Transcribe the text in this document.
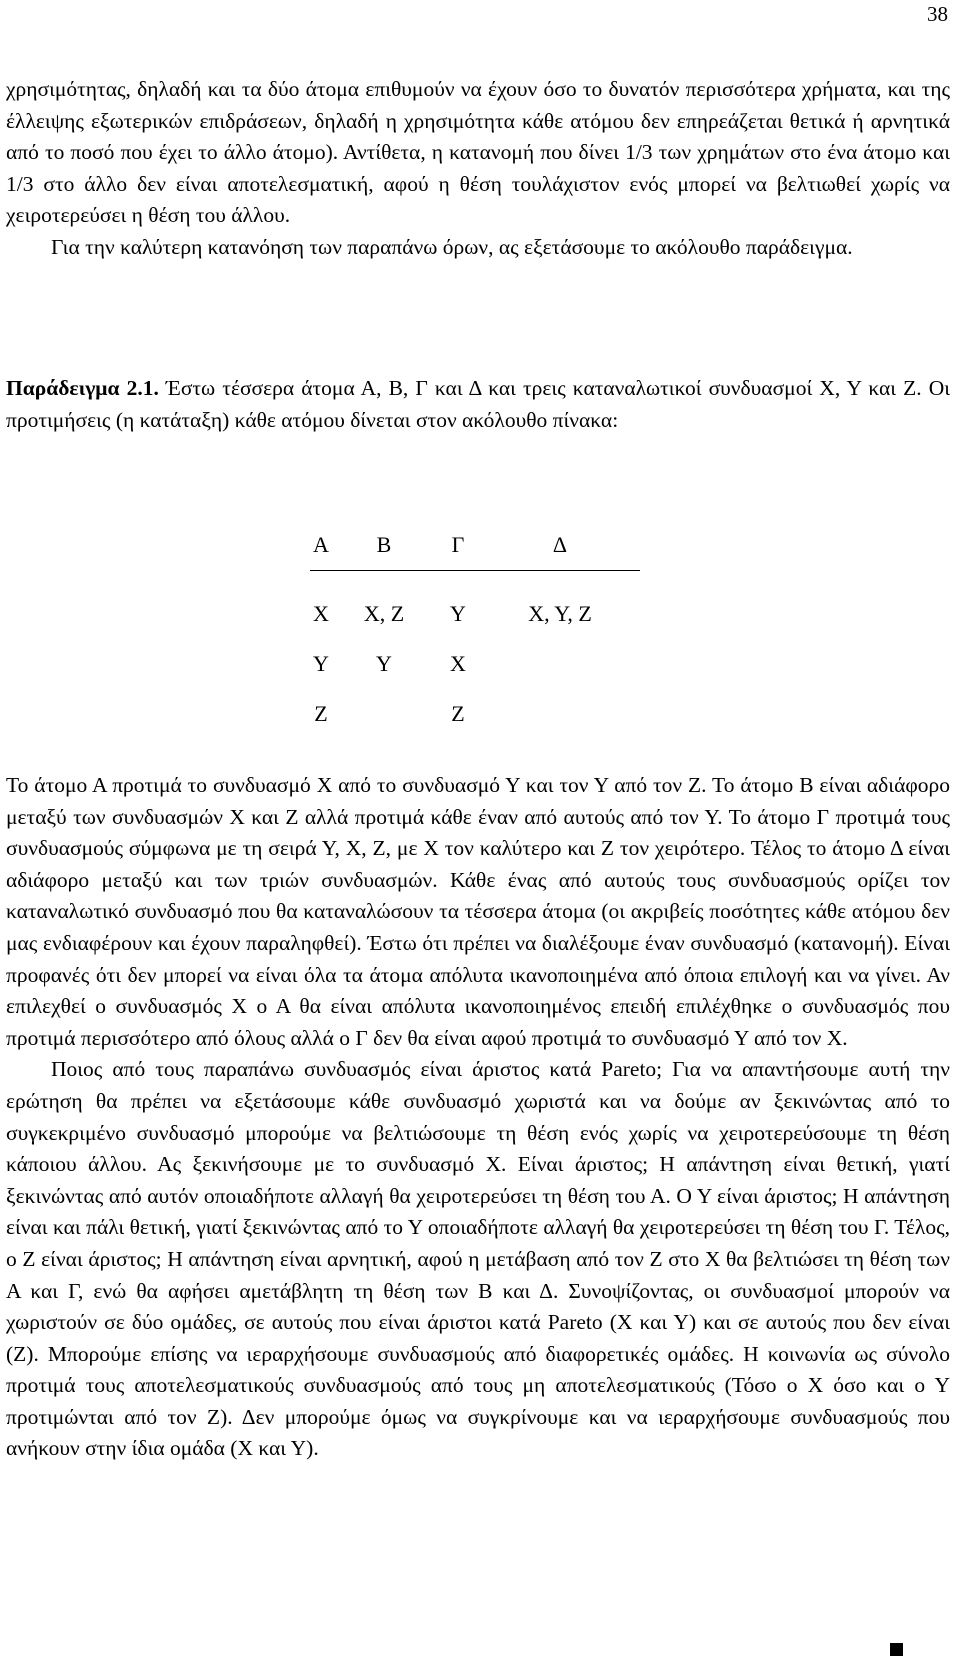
38

χρησιμότητας, δηλαδή και τα δύο άτομα επιθυμούν να έχουν όσο το δυνατόν περισσότερα χρήματα, και της έλλειψης εξωτερικών επιδράσεων, δηλαδή η χρησιμότητα κάθε ατόμου δεν επηρεάζεται θετικά ή αρνητικά από το ποσό που έχει το άλλο άτομο). Αντίθετα, η κατανομή που δίνει 1/3 των χρημάτων στο ένα άτομο και 1/3 στο άλλο δεν είναι αποτελεσματική, αφού η θέση τουλάχιστον ενός μπορεί να βελτιωθεί χωρίς να χειροτερεύσει η θέση του άλλου.

Για την καλύτερη κατανόηση των παραπάνω όρων, ας εξετάσουμε το ακόλουθο παράδειγμα.

Παράδειγμα 2.1. Έστω τέσσερα άτομα Α, Β, Γ και Δ και τρεις καταναλωτικοί συνδυασμοί Χ, Υ και Ζ. Οι προτιμήσεις (η κατάταξη) κάθε ατόμου δίνεται στον ακόλουθο πίνακα:

Α	Β	Γ	Δ
Χ	Χ, Ζ	Υ	Χ, Υ, Ζ
Υ	Υ	Χ	
Ζ		Ζ	

Το άτομο Α προτιμά το συνδυασμό Χ από το συνδυασμό Υ και τον Υ από τον Ζ. Το άτομο Β είναι αδιάφορο μεταξύ των συνδυασμών Χ και Ζ αλλά προτιμά κάθε έναν από αυτούς από τον Υ. Το άτομο Γ προτιμά τους συνδυασμούς σύμφωνα με τη σειρά Υ, Χ, Ζ, με Χ τον καλύτερο και Ζ τον χειρότερο. Τέλος το άτομο Δ είναι αδιάφορο μεταξύ και των τριών συνδυασμών. Κάθε ένας από αυτούς τους συνδυασμούς ορίζει τον καταναλωτικό συνδυασμό που θα καταναλώσουν τα τέσσερα άτομα (οι ακριβείς ποσότητες κάθε ατόμου δεν μας ενδιαφέρουν και έχουν παραληφθεί). Έστω ότι πρέπει να διαλέξουμε έναν συνδυασμό (κατανομή). Είναι προφανές ότι δεν μπορεί να είναι όλα τα άτομα απόλυτα ικανοποιημένα από όποια επιλογή και να γίνει. Αν επιλεχθεί ο συνδυασμός Χ ο Α θα είναι απόλυτα ικανοποιημένος επειδή επιλέχθηκε ο συνδυασμός που προτιμά περισσότερο από όλους αλλά ο Γ δεν θα είναι αφού προτιμά το συνδυασμό Υ από τον Χ.

Ποιος από τους παραπάνω συνδυασμός είναι άριστος κατά Pareto; Για να απαντήσουμε αυτή την ερώτηση θα πρέπει να εξετάσουμε κάθε συνδυασμό χωριστά και να δούμε αν ξεκινώντας από το συγκεκριμένο συνδυασμό μπορούμε να βελτιώσουμε τη θέση ενός χωρίς να χειροτερεύσουμε τη θέση κάποιου άλλου. Ας ξεκινήσουμε με το συνδυασμό Χ. Είναι άριστος; Η απάντηση είναι θετική, γιατί ξεκινώντας από αυτόν οποιαδήποτε αλλαγή θα χειροτερεύσει τη θέση του Α. Ο Υ είναι άριστος; Η απάντηση είναι και πάλι θετική, γιατί ξεκινώντας από το Υ οποιαδήποτε αλλαγή θα χειροτερεύσει τη θέση του Γ. Τέλος, ο Ζ είναι άριστος; Η απάντηση είναι αρνητική, αφού η μετάβαση από τον Ζ στο Χ θα βελτιώσει τη θέση των Α και Γ, ενώ θα αφήσει αμετάβλητη τη θέση των Β και Δ. Συνοψίζοντας, οι συνδυασμοί μπορούν να χωριστούν σε δύο ομάδες, σε αυτούς που είναι άριστοι κατά Pareto (Χ και Υ) και σε αυτούς που δεν είναι (Ζ). Μπορούμε επίσης να ιεραρχήσουμε συνδυασμούς από διαφορετικές ομάδες. Η κοινωνία ως σύνολο προτιμά τους αποτελεσματικούς συνδυασμούς από τους μη αποτελεσματικούς (Τόσο ο Χ όσο και ο Υ προτιμώνται από τον Ζ). Δεν μπορούμε όμως να συγκρίνουμε και να ιεραρχήσουμε συνδυασμούς που ανήκουν στην ίδια ομάδα (Χ και Υ).
